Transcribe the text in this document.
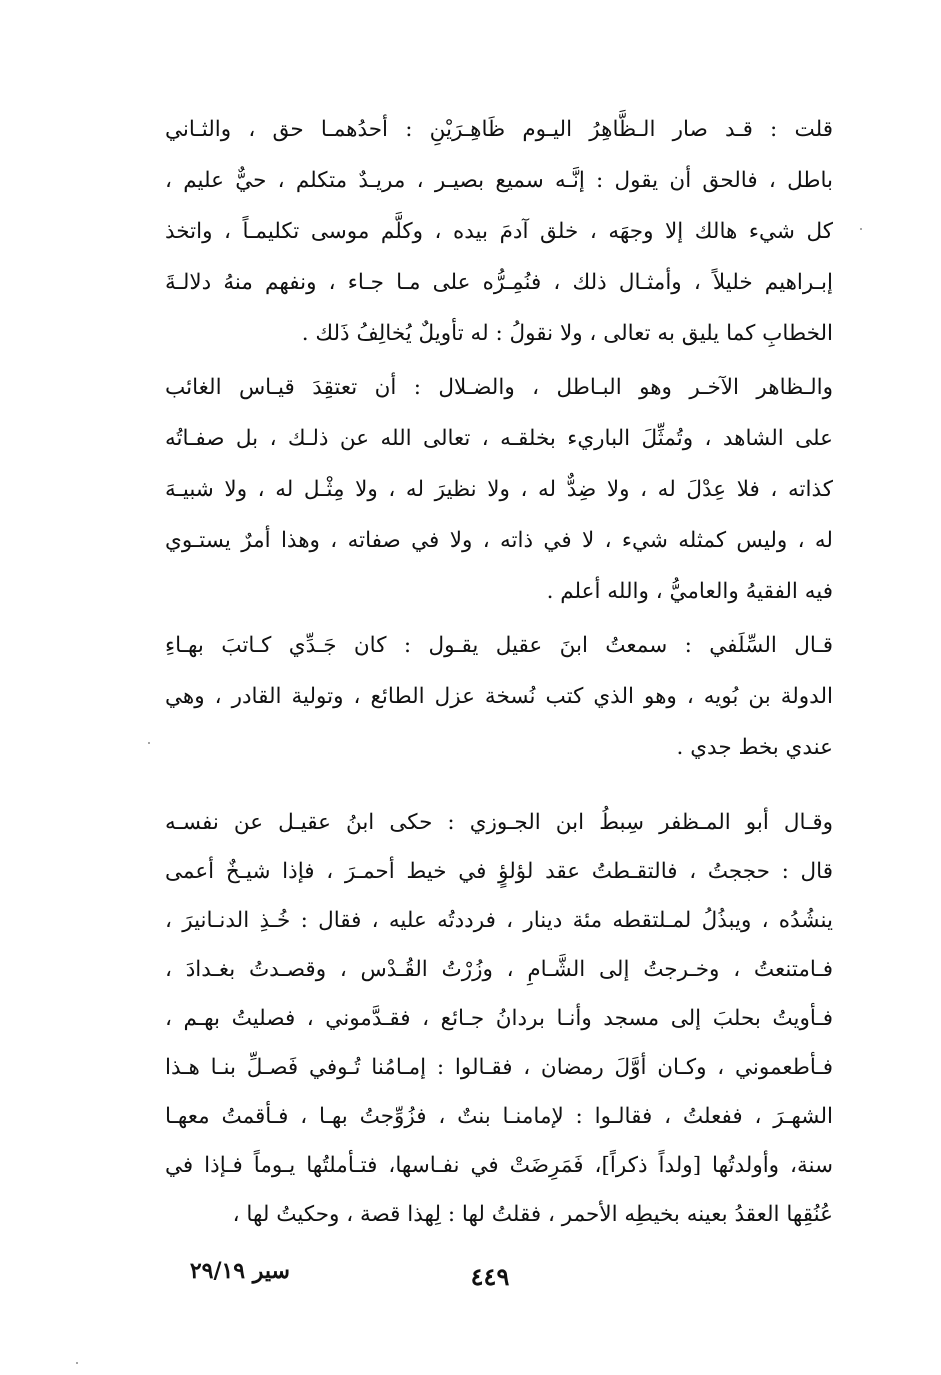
قلت : قـد صار الـظَّاهِرُ اليـوم ظَاهِـرَيْنِ : أحدُهمـا حق ، والثـاني
باطل ، فالحق أن يقول : إنَّـه سميع بصيـر ، مريـدٌ متكلم ، حيٌّ عليم ،
كل شيء هالك إلا وجهَه ، خلق آدمَ بيده ، وكلَّم موسى تكليمـاً ، واتخذ
إبـراهيم خليلاً ، وأمثـال ذلك ، فنُمِـرُّه على مـا جـاء ، ونفهم منهُ دلالـةَ
الخطابِ كما يليق به تعالى ، ولا نقولُ : له تأويلٌ يُخالِفُ ذَلك .
والـظاهر الآخـر وهو البـاطل ، والضـلال : أن تعتقِدَ قيـاس الغائب
على الشاهد ، وتُمثِّلَ الباريء بخلقـه ، تعالى الله عن ذلـك ، بل صفـاتُه
كذاته ، فلا عِدْلَ له ، ولا ضِدٌّ له ، ولا نظيرَ له ، ولا مِثْـل له ، ولا شبيـهَ
له ، وليس كمثله شيء ، لا في ذاته ، ولا في صفاته ، وهذا أمرٌ يستـوي
فيه الفقيهُ والعاميُّ ، والله أعلم .
قـال السِّلَفي : سمعتُ ابنَ عقيل يقـول : كان جَـدِّي كـاتبَ بهـاءِ
الدولة بن بُويه ، وهو الذي كتب نُسخة عزل الطائع ، وتولية القادر ، وهي
عندي بخط جدي .
وقـال أبو المـظفر سِبطُ ابن الجـوزي : حكى ابنُ عقيـل عن نفسـه
قال : حججتُ ، فالتقـطتُ عقد لؤلؤٍ في خيط أحمـرَ ، فإذا شيـخٌ أعمى
ينشُدُه ، ويبذُلُ لمـلتقطه مئة دينار ، فرددتُه عليه ، فقال : خُـذِ الدنـانيرَ ،
فـامتنعتُ ، وخـرجتُ إلى الشَّـامِ ، وزُرْتُ القُـدْس ، وقصـدتُ بغـدادَ ،
فـأويتُ بحلبَ إلى مسجد وأنـا بردانُ جـائع ، فقـدَّموني ، فصليتُ بهـم ،
فـأطعموني ، وكـان أوَّلَ رمضان ، فقـالوا : إمـامُنا تُـوفي فَصـلِّ بنـا هـذا
الشهـرَ ، ففعلتُ ، فقالـوا : لإمامنـا بنتٌ ، فزُوِّجتُ بهـا ، فـأقمتُ معهـا
سنة، وأولدتُها [ولداً ذكراً]، فَمَرِضَتْ في نفـاسها، فتـأملتُها يـوماً فـإذا في
عُنُقِها العقدُ بعينه بخيطِه الأحمر ، فقلتُ لها : لِهذا قصة ، وحكيتُ لها ،
٤٤٩
سير ٢٩/١٩
